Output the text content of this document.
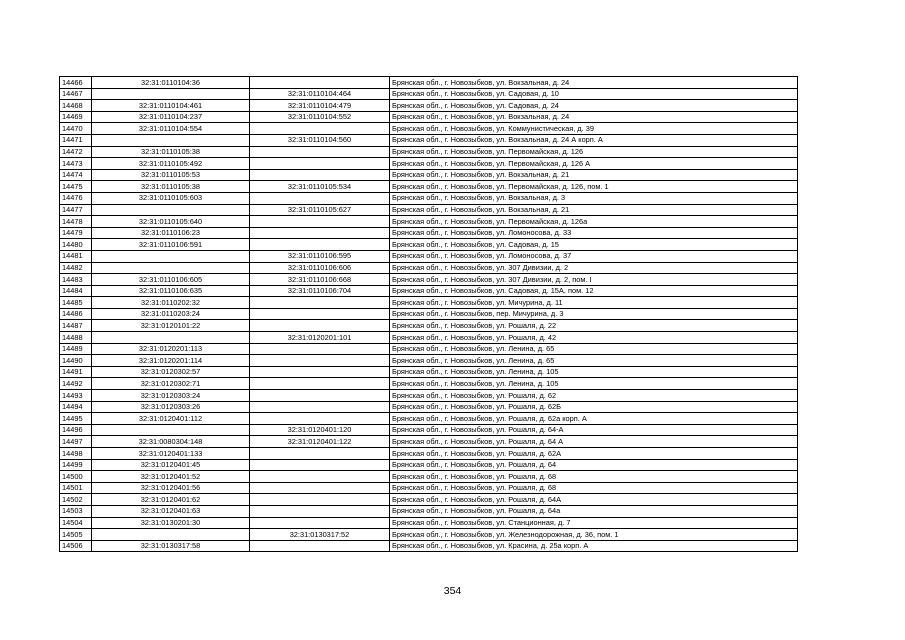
14466	32:31:0110104:36		Брянская обл., г. Новозыбков, ул. Вокзальная, д. 24
14467		32:31:0110104:464	Брянская обл., г. Новозыбков, ул. Садовая, д. 10
14468	32:31:0110104:461	32:31:0110104:479	Брянская обл., г. Новозыбков, ул. Садовая, д. 24
14469	32:31:0110104:237	32:31:0110104:552	Брянская обл., г. Новозыбков, ул. Вокзальная, д. 24
14470	32:31:0110104:554		Брянская обл., г. Новозыбков, ул. Коммунистическая, д. 39
14471		32:31:0110104:560	Брянская обл., г. Новозыбков, ул. Вокзальная, д. 24 А корп. А
14472	32:31:0110105:38		Брянская обл., г. Новозыбков, ул. Первомайская, д. 126
14473	32:31:0110105:492		Брянская обл., г. Новозыбков, ул. Первомайская, д. 126 А
14474	32:31:0110105:53		Брянская обл., г. Новозыбков, ул. Вокзальная, д. 21
14475	32:31:0110105:38	32:31:0110105:534	Брянская обл., г. Новозыбков, ул. Первомайская, д. 126, пом. 1
14476	32:31:0110105:603		Брянская обл., г. Новозыбков, ул. Вокзальная, д. 3
14477		32:31:0110105:627	Брянская обл., г. Новозыбков, ул. Вокзальная, д. 21
14478	32:31:0110105:640		Брянская обл., г. Новозыбков, ул. Первомайская, д. 126а
14479	32:31:0110106:23		Брянская обл., г. Новозыбков, ул. Ломоносова, д. 33
14480	32:31:0110106:591		Брянская обл., г. Новозыбков, ул. Садовая, д. 15
14481		32:31:0110106:595	Брянская обл., г. Новозыбков, ул. Ломоносова, д. 37
14482		32:31:0110106:606	Брянская обл., г. Новозыбков, ул. 307 Дивизии, д. 2
14483	32:31:0110106:605	32:31:0110106:668	Брянская обл., г. Новозыбков, ул. 307 Дивизии, д. 2, пом. I
14484	32:31:0110106:635	32:31:0110106:704	Брянская обл., г. Новозыбков, ул. Садовая, д. 15А, пом. 12
14485	32:31:0110202:32		Брянская обл., г. Новозыбков, ул. Мичурина, д. 11
14486	32:31:0110203:24		Брянская обл., г. Новозыбков, пер. Мичурина, д. 3
14487	32:31:0120101:22		Брянская обл., г. Новозыбков, ул. Рошаля, д. 22
14488		32:31:0120201:101	Брянская обл., г. Новозыбков, ул. Рошаля, д. 42
14489	32:31:0120201:113		Брянская обл., г. Новозыбков, ул. Ленина, д. 65
14490	32:31:0120201:114		Брянская обл., г. Новозыбков, ул. Ленина, д. 65
14491	32:31:0120302:57		Брянская обл., г. Новозыбков, ул. Ленина, д. 105
14492	32:31:0120302:71		Брянская обл., г. Новозыбков, ул. Ленина, д. 105
14493	32:31:0120303:24		Брянская обл., г. Новозыбков, ул. Рошаля, д. 62
14494	32:31:0120303:26		Брянская обл., г. Новозыбков, ул. Рошаля, д. 62Б
14495	32:31:0120401:112		Брянская обл., г. Новозыбков, ул. Рошаля, д. 62а корп. А
14496		32:31:0120401:120	Брянская обл., г. Новозыбков, ул. Рошаля, д. 64-А
14497	32:31:0080304:148	32:31:0120401:122	Брянская обл., г. Новозыбков, ул. Рошаля, д. 64 А
14498	32:31:0120401:133		Брянская обл., г. Новозыбков, ул. Рошаля, д. 62А
14499	32:31:0120401:45		Брянская обл., г. Новозыбков, ул. Рошаля, д. 64
14500	32:31:0120401:52		Брянская обл., г. Новозыбков, ул. Рошаля, д. 68
14501	32:31:0120401:56		Брянская обл., г. Новозыбков, ул. Рошаля, д. 68
14502	32:31:0120401:62		Брянская обл., г. Новозыбков, ул. Рошаля, д. 64А
14503	32:31:0120401:63		Брянская обл., г. Новозыбков, ул. Рошаля, д. 64а
14504	32:31:0130201:30		Брянская обл., г. Новозыбков, ул. Станционная, д. 7
14505		32:31:0130317:52	Брянская обл., г. Новозыбков, ул. Железнодорожная, д. 36, пом. 1
14506	32:31:0130317:58		Брянская обл., г. Новозыбков, ул. Красина, д. 25а корп. А
354
